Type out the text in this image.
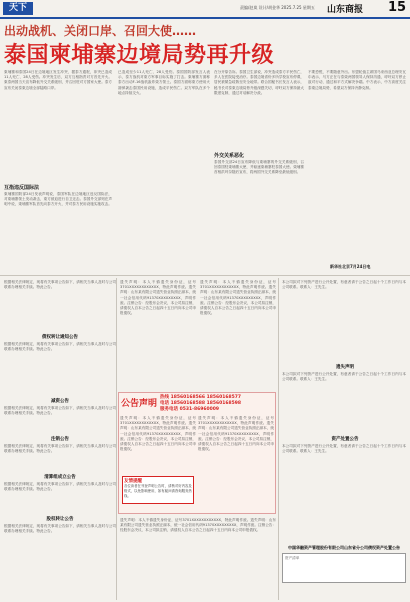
天下	责编/赵岚 设计/胡金华 2025.7.25 星期五 山东商报 15
出动战机、关闭口岸、召回大使……
泰国柬埔寨边境局势再升级
柬埔寨和泰国24日在边境地区发生冲突，据泰方通报，冲突已造成11人死亡、28人受伤。冲突发生后，双方互相指责对方首先开火。柬泰两国当天宣布降低外交关系级别，并召回驻对方国家大使。泰方宣布关闭泰柬边境全部陆路口岸。
互指违反国际法
柬埔寨国防部24日发表声明说，泰国军队在边境地区违反国际法，对柬埔寨领土发动袭击，柬方被迫进行自卫还击。泰国外交部则在声明中说，柬埔寨军队首先向泰方开火，并对泰方民用设施实施攻击。
已造成至少11人死亡、28人受伤。泰国国防部发言人表示，泰方战机对柬方军事目标实施了打击。柬埔寨方面称泰方出动F-16战机轰炸柬方领土。泰国方面称柬方使用火箭弹袭击泰国民用设施，造成平民伤亡。双方军队在多个地点持续交火。
在分开原告诉。泰国卫生部说，冲突造成泰方平民伤亡，多人在医院接受治疗。泰国边境省份多所学校宣布停课，居民被紧急疏散至安全地带。联合国秘书长发言人表示，秘书长对泰柬边境局势升级深感关切，呼吁双方保持最大限度克制，通过对话解决分歧。
外交关系恶化
泰国外交部24日宣布降低与柬埔寨的外交关系级别，召回泰国驻柬埔寨大使，并驱逐柬埔寨驻泰国大使。柬埔寨首相洪玛奈随后宣布，将两国外交关系降至最低级别。
不要恐慌，不要随意外出。东盟轮值主席国马来西亚总理安瓦尔表示，马方正在与泰柬两国领导人保持沟通，呼吁双方停止敌对行动，通过和平方式解决争端。中方表示，中方高度关注泰柬边境局势，希望双方保持冷静克制。
新华社北京7月24日电
根据相关法律规定，现将有关事项公告如下，请相关当事人及时与公司联系办理相关手续。特此公告。
债权转让通知公告
根据相关法律规定，现将有关事项公告如下，请相关当事人及时与公司联系办理相关手续。特此公告。
减资公告
根据相关法律规定，现将有关事项公告如下，请相关当事人及时与公司联系办理相关手续。特此公告。
注销公告
根据相关法律规定，现将有关事项公告如下，请相关当事人及时与公司联系办理相关手续。特此公告。
清算组成立公告
根据相关法律规定，现将有关事项公告如下，请相关当事人及时与公司联系办理相关手续。特此公告。
股权转让公告
根据相关法律规定，现将有关事项公告如下，请相关当事人及时与公司联系办理相关手续。特此公告。
遗失声明：本人不慎遗失身份证，证号3701XXXXXXXXXXXX，特此声明作废。遗失声明：山东某有限公司遗失营业执照正副本，统一社会信用代码91370XXXXXXXXX，声明作废。注销公告：经股东会决议，本公司拟注销，请债权人自本公告之日起四十五日内向本公司申报债权。
遗失声明：本人不慎遗失身份证，证号3701XXXXXXXXXXXX，特此声明作废。遗失声明：山东某有限公司遗失营业执照正副本，统一社会信用代码91370XXXXXXXXX，声明作废。注销公告：经股东会决议，本公司拟注销，请债权人自本公告之日起四十五日内向本公司申报债权。
公告声明
热线 18560168566 18560168577
电话 18560168588 18560168598
服务电话 0531-86960009
遗失声明：本人不慎遗失身份证，证号3701XXXXXXXXXXXX，特此声明作废。遗失声明：山东某有限公司遗失营业执照正副本，统一社会信用代码91370XXXXXXXXX，声明作废。注销公告：经股东会决议，本公司拟注销，请债权人自本公告之日起四十五日内向本公司申报债权。
遗失声明：本人不慎遗失身份证，证号3701XXXXXXXXXXXX，特此声明作废。遗失声明：山东某有限公司遗失营业执照正副本，统一社会信用代码91370XXXXXXXXX，声明作废。注销公告：经股东会决议，本公司拟注销，请债权人自本公告之日起四十五日内向本公司申报债权。
友情提醒
各位读者在刊登声明公告时，请核对好内容及格式，以免影响使用，如有疑问请咨询服务热线。
遗失声明：本人不慎遗失身份证，证号3701XXXXXXXXXXXX，特此声明作废。遗失声明：山东某有限公司遗失营业执照正副本，统一社会信用代码91370XXXXXXXXX，声明作废。注销公告：经股东会决议，本公司拟注销，请债权人自本公告之日起四十五日内向本公司申报债权。
本公司拟对下列资产进行公开处置，有意者请于公告之日起十个工作日内与本公司联系。联系人：王先生。
遗失声明
本公司拟对下列资产进行公开处置，有意者请于公告之日起十个工作日内与本公司联系。联系人：王先生。
资产处置公告
本公司拟对下列资产进行公开处置，有意者请于公告之日起十个工作日内与本公司联系。联系人：王先生。
中国华融资产管理股份有限公司山东省分公司债权资产处置公告
资产清单
